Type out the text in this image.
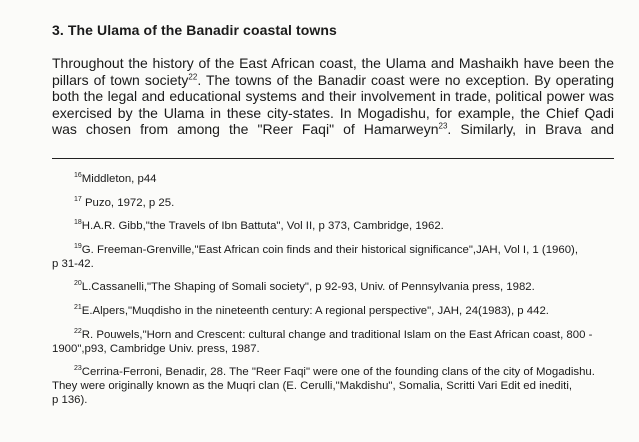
3. The Ulama of the Banadir coastal towns
Throughout the history of the East African coast, the Ulama and Mashaikh have been the
pillars of town society$^{22}$. The towns of the Banadir coast were no exception. By operating
both the legal and educational systems and their involvement in trade, political power was
exercised by the Ulama in these city-states. In Mogadishu, for example, the Chief Qadi
was chosen from among the "Reer Faqi" of Hamarweyn$^{23}$. Similarly, in Brava and
$^{16}$Middleton, p44
$^{17}$ Puzo, 1972, p 25.
$^{18}$H.A.R. Gibb,"the Travels of Ibn Battuta", Vol II, p 373, Cambridge, 1962.
$^{19}$G. Freeman-Grenville,"East African coin finds and their historical significance",JAH, Vol I, 1 (1960),
p 31-42.
$^{20}$L.Cassanelli,"The Shaping of Somali society", p 92-93, Univ. of Pennsylvania press, 1982.
$^{21}$E.Alpers,"Muqdisho in the nineteenth century: A regional perspective", JAH, 24(1983), p 442.
$^{22}$R. Pouwels,"Horn and Crescent: cultural change and traditional Islam on the East African coast, 800 -
1900",p93, Cambridge Univ. press, 1987.
$^{23}$Cerrina-Ferroni, Benadir, 28. The "Reer Faqi" were one of the founding clans of the city of Mogadishu.
They were originally known as the Muqri clan (E. Cerulli,"Makdishu", Somalia, Scritti Vari Edit ed inediti,
p 136).
